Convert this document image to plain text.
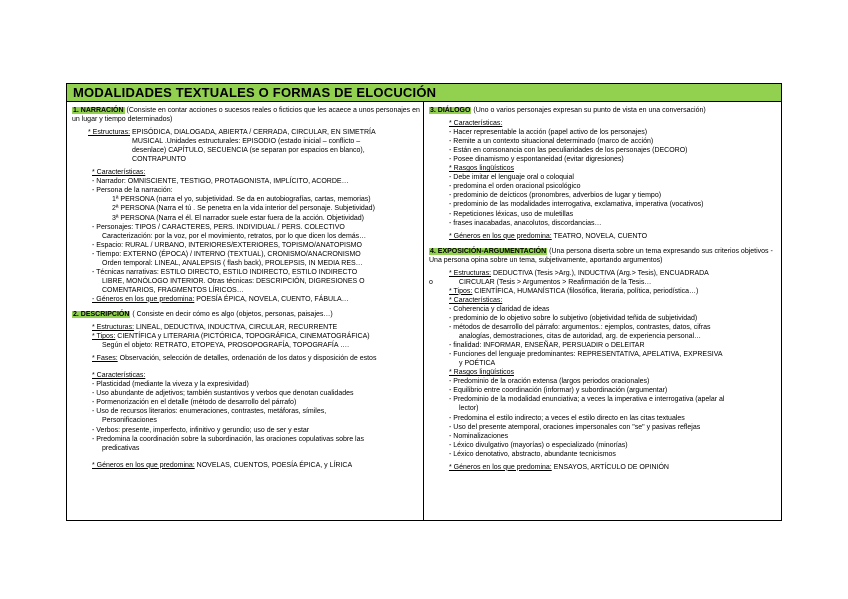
MODALIDADES TEXTUALES O FORMAS DE ELOCUCIÓN
1. NARRACIÓN (Consiste en contar acciones o sucesos reales o ficticios que les acaece a unos personajes en un lugar y tiempo determinados)
* Estructuras: EPISÓDICA, DIALOGADA, ABIERTA / CERRADA, CIRCULAR, EN SIMETRÍA
MUSICAL .Unidades estructurales: EPISODIO (estado inicial – conflicto –
desenlace) CAPÍTULO, SECUENCIA (se separan por espacios en blanco),
CONTRAPUNTO
* Características:
- Narrador: OMNISCIENTE, TESTIGO, PROTAGONISTA, IMPLÍCITO, ACORDE…
- Persona de la narración:
1ª PERSONA (narra el yo, subjetividad. Se da en autobiografías, cartas, memorias)
2ª PERSONA (Narra el tú . Se penetra en la vida interior del personaje. Subjetividad)
3ª PERSONA (Narra el él. El narrador suele estar fuera de la acción. Objetividad)
- Personajes: TIPOS / CARACTERES, PERS. INDIVIDUAL / PERS. COLECTIVO
Caracterización: por la voz, por el movimiento, retratos, por lo que dicen los demás…
- Espacio: RURAL / URBANO, INTERIORES/EXTERIORES, TOPISMO/ANATOPISMO
- Tiempo: EXTERNO (ÉPOCA) / INTERNO (TEXTUAL), CRONISMO/ANACRONISMO
Orden temporal: LINEAL, ANALEPSIS ( flash back), PROLEPSIS, IN MEDIA RES…
- Técnicas narrativas: ESTILO DIRECTO, ESTILO INDIRECTO, ESTILO INDIRECTO
LIBRE, MONÓLOGO INTERIOR. Otras técnicas: DESCRIPCIÓN, DIGRESIONES O
COMENTARIOS, FRAGMENTOS LÍRICOS…
- Géneros en los que predomina: POESÍA ÉPICA, NOVELA, CUENTO, FÁBULA…
2. DESCRIPCIÓN ( Consiste en decir cómo es algo (objetos, personas, paisajes…)
* Estructuras: LINEAL, DEDUCTIVA, INDUCTIVA, CIRCULAR, RECURRENTE
* Tipos: CIENTÍFICA y LITERARIA (PICTÓRICA, TOPOGRÁFICA, CINEMATOGRÁFICA)
Según el objeto: RETRATO, ETOPEYA, PROSOPOGRAFÍA, TOPOGRAFÍA ….
* Fases: Observación, selección de detalles, ordenación de los datos y disposición de estos
* Características:
- Plasticidad (mediante la viveza y la expresividad)
- Uso abundante de adjetivos; también sustantivos y verbos que denotan cualidades
- Pormenorización en el detalle (método de desarrollo del párrafo)
- Uso de recursos literarios: enumeraciones, contrastes, metáforas, símiles,
Personificaciones
- Verbos: presente, imperfecto, infinitivo y gerundio; uso de ser y estar
- Predomina la coordinación sobre la subordinación, las oraciones copulativas sobre las
predicativas
* Géneros en los que predomina: NOVELAS, CUENTOS, POESÍA ÉPICA, y LÍRICA
3. DIÁLOGO (Uno o varios personajes expresan su punto de vista en una conversación)
* Características:
- Hacer representable la acción (papel activo de los personajes)
- Remite a un contexto situacional determinado (marco de acción)
- Están en consonancia con las peculiaridades de los personajes (DECORO)
- Posee dinamismo y espontaneidad (evitar digresiones)
* Rasgos lingüísticos
- Debe imitar el lenguaje oral o coloquial
- predomina el orden oracional psicológico
- predominio de deícticos (pronombres, adverbios de lugar y tiempo)
- predominio de las modalidades interrogativa, exclamativa, imperativa (vocativos)
- Repeticiones léxicas, uso de muletillas
- frases inacabadas, anacolutos, discordancias…
* Géneros en los que predomina: TEATRO, NOVELA, CUENTO
4. EXPOSICIÓN-ARGUMENTACIÓN (Una persona diserta sobre un tema expresando sus criterios objetivos - Una persona opina sobre un tema, subjetivamente, aportando argumentos)
* Estructuras: DEDUCTIVA (Tesis >Arg.), INDUCTIVA (Arg.> Tesis), ENCUADRADA
o	CIRCULAR (Tesis > Argumentos > Reafirmación de la Tesis…
* Tipos: CIENTÍFICA, HUMANÍSTICA (filosófica, literaria, política, periodística…)
* Características:
- Coherencia y claridad de ideas
- predominio de lo objetivo sobre lo subjetivo (objetividad teñida de subjetividad)
- métodos de desarrollo del párrafo: argumentos.: ejemplos, contrastes, datos, cifras
analogías, demostraciones, citas de autoridad, arg. de experiencia personal…
- finalidad: INFORMAR, ENSEÑAR, PERSUADIR o DELEITAR
- Funciones del lenguaje predominantes: REPRESENTATIVA, APELATIVA, EXPRESIVA
y POÉTICA
* Rasgos lingüísticos
- Predominio de la oración extensa (largos periodos oracionales)
- Equilibrio entre coordinación (informar) y subordinación (argumentar)
- Predominio de la modalidad enunciativa; a veces la imperativa e interrogativa (apelar al
lector)
- Predomina el estilo indirecto; a veces el estilo directo en las citas textuales
- Uso del presente atemporal, oraciones impersonales con "se" y pasivas reflejas
- Nominalizaciones
- Léxico divulgativo (mayorías) o especializado (minorías)
- Léxico denotativo, abstracto, abundante tecnicismos
* Géneros en los que predomina: ENSAYOS, ARTÍCULO DE OPINIÓN
